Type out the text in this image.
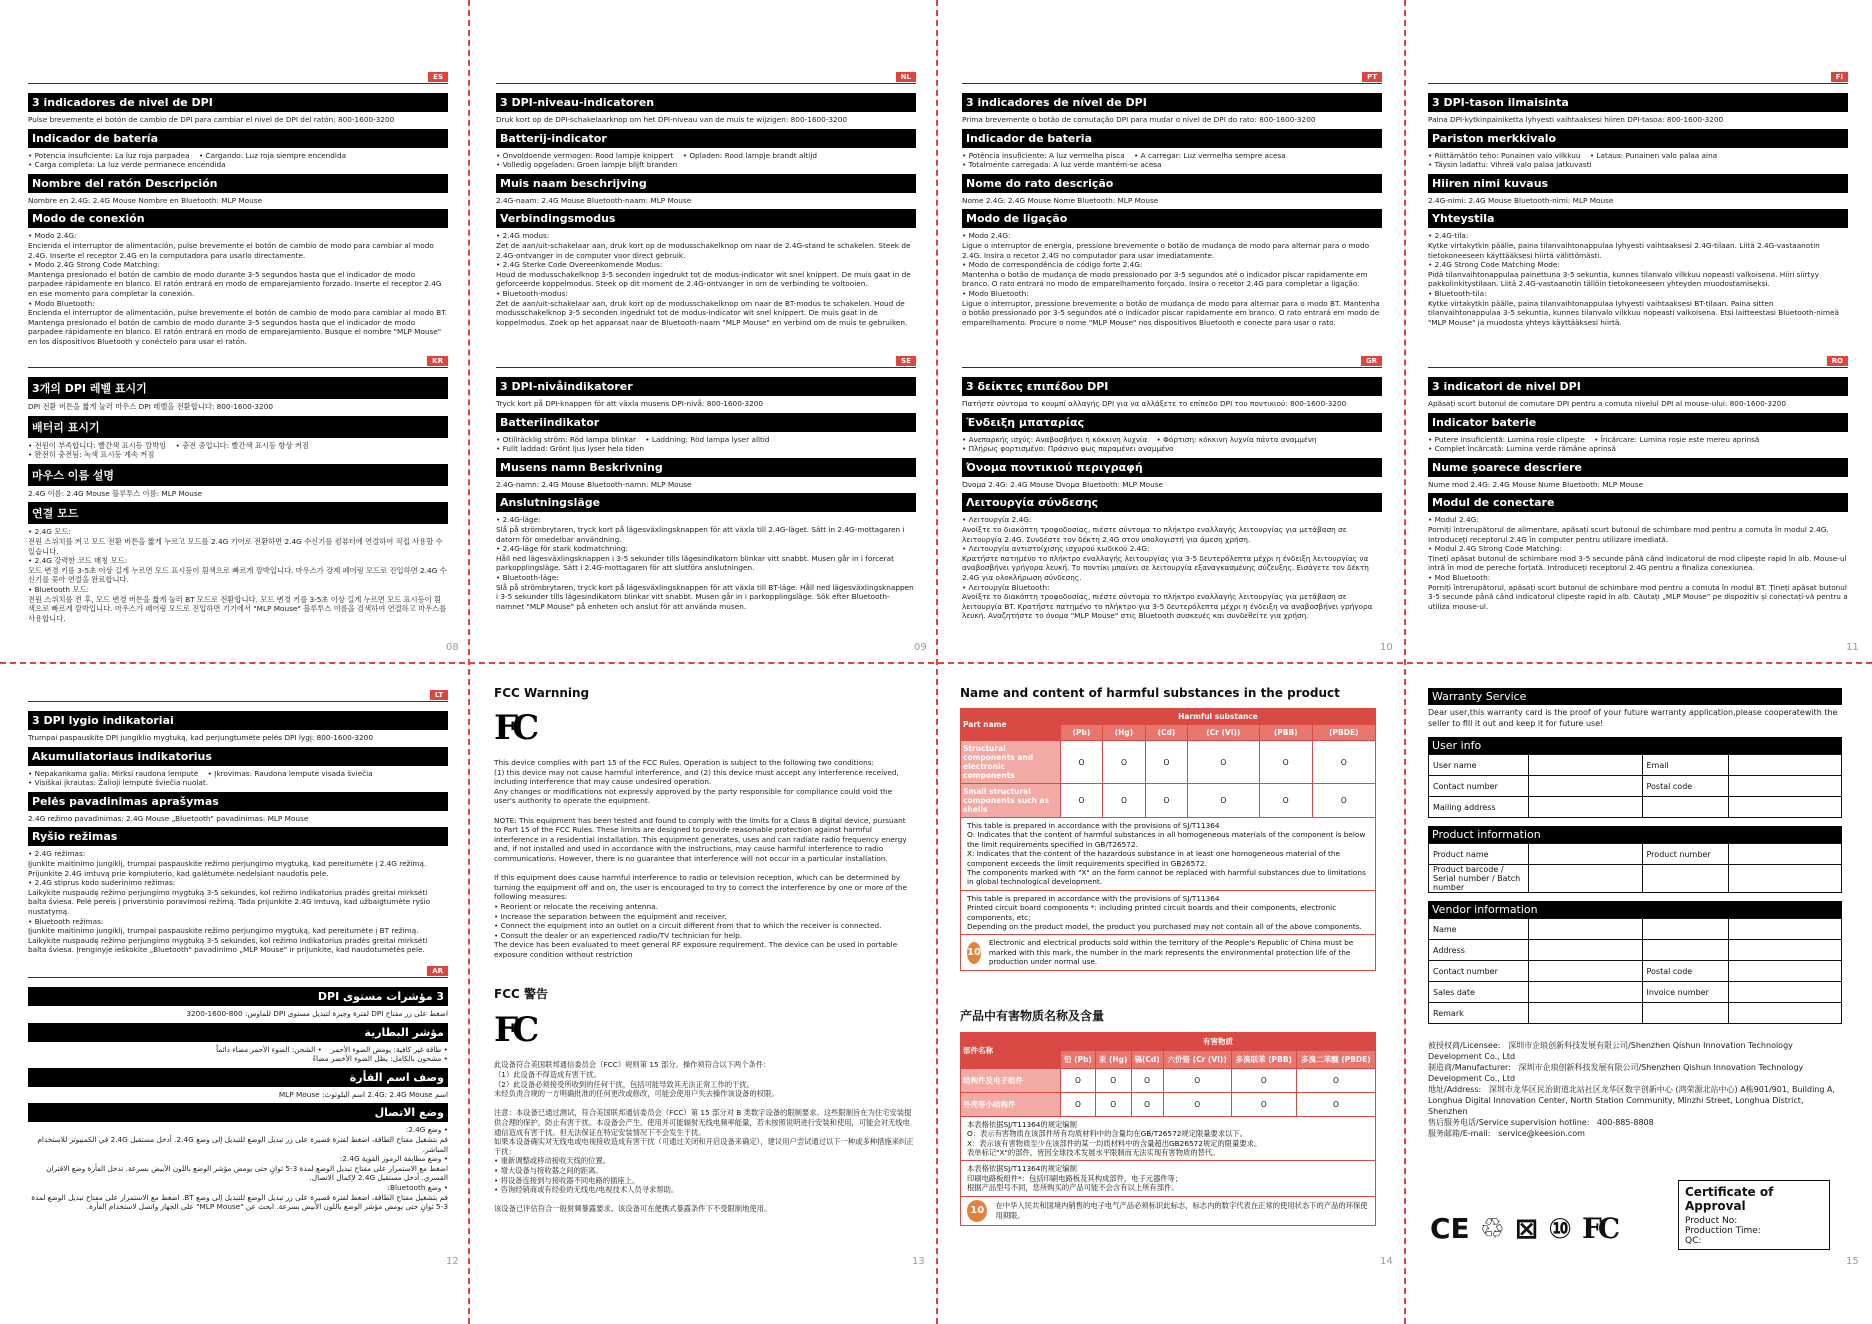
ES
3 indicadores de nivel de DPI
Pulse brevemente el botón de cambio de DPI para cambiar el nivel de DPI del ratón: 800-1600-3200
Indicador de batería
• Potencia insuficiente: La luz roja parpadea    • Cargando: Luz roja siempre encendida
• Carga completa: La luz verde permanece encendida
Nombre del ratón Descripción
Nombre en 2.4G: 2.4G Mouse Nombre en Bluetooth: MLP Mouse
Modo de conexión
• Modo 2.4G:
Encienda el interruptor de alimentación, pulse brevemente el botón de cambio de modo para cambiar al modo 2.4G. Inserte el receptor 2.4G en la computadora para usarlo directamente.
• Modo 2.4G Strong Code Matching:
Mantenga presionado el botón de cambio de modo durante 3-5 segundos hasta que el indicador de modo parpadee rápidamente en blanco. El ratón entrará en modo de emparejamiento forzado. Inserte el receptor 2.4G en ese momento para completar la conexión.
• Modo Bluetooth:
Encienda el interruptor de alimentación, pulse brevemente el botón de cambio de modo para cambiar al modo BT. Mantenga presionado el botón de cambio de modo durante 3-5 segundos hasta que el indicador de modo parpadee rápidamente en blanco. El ratón entrará en modo de emparejamiento. Busque el nombre "MLP Mouse" en los dispositivos Bluetooth y conéctelo para usar el ratón.
08
NL
3 DPI-niveau-indicatoren
Druk kort op de DPI-schakelaarknop om het DPI-niveau van de muis te wijzigen: 800-1600-3200
Batterij-indicator
• Onvoldoende vermogen: Rood lampje knippert    • Opladen: Rood lampje brandt altijd
• Volledig opgeladen: Groen lampje blijft branden
Muis naam beschrijving
2.4G-naam: 2.4G Mouse Bluetooth-naam: MLP Mouse
Verbindingsmodus
• 2.4G modus:
Zet de aan/uit-schakelaar aan, druk kort op de modusschakelknop om naar de 2.4G-stand te schakelen. Steek de 2.4G-ontvanger in de computer voor direct gebruik.
• 2.4G Sterke Code Overeenkomende Modus:
Houd de modusschakelknop 3-5 seconden ingedrukt tot de modus-indicator wit snel knippert. De muis gaat in de geforceerde koppelmodus. Steek op dit moment de 2.4G-ontvanger in om de verbinding te voltooien.
• Bluetooth-modus:
Zet de aan/uit-schakelaar aan, druk kort op de modusschakelknop om naar de BT-modus te schakelen. Houd de modusschakelknop 3-5 seconden ingedrukt tot de modus-indicator wit snel knippert. De muis gaat in de koppelmodus. Zoek op het apparaat naar de Bluetooth-naam "MLP Mouse" en verbind om de muis te gebruiken.
09
PT
3 indicadores de nível de DPI
Prima brevemente o botão de comutação DPI para mudar o nível de DPI do rato: 800-1600-3200
Indicador de bateria
• Potência insuficiente: A luz vermelha pisca    • A carregar: Luz vermelha sempre acesa
• Totalmente carregada: A luz verde mantém-se acesa
Nome do rato descrição
Nome 2.4G: 2.4G Mouse Nome Bluetooth: MLP Mouse
Modo de ligação
• Modo 2.4G:
Ligue o interruptor de energia, pressione brevemente o botão de mudança de modo para alternar para o modo 2.4G. Insira o recetor 2.4G no computador para usar imediatamente.
• Modo de correspondência de código forte 2.4G:
Mantenha o botão de mudança de modo pressionado por 3-5 segundos até o indicador piscar rapidamente em branco. O rato entrará no modo de emparelhamento forçado. Insira o recetor 2.4G para completar a ligação.
• Modo Bluetooth:
Ligue o interruptor, pressione brevemente o botão de mudança de modo para alternar para o modo BT. Mantenha o botão pressionado por 3-5 segundos até o indicador piscar rapidamente em branco. O rato entrará em modo de emparelhamento. Procure o nome "MLP Mouse" nos dispositivos Bluetooth e conecte para usar o rato.
10
FI
3 DPI-tason ilmaisinta
Paina DPI-kytkinpainiketta lyhyesti vaihtaaksesi hiiren DPI-tasoa: 800-1600-3200
Pariston merkkivalo
• Riittämätön teho: Punainen valo vilkkuu    • Lataus: Punainen valo palaa aina
• Täysin ladattu: Vihreä valo palaa jatkuvasti
Hiiren nimi kuvaus
2.4G-nimi: 2.4G Mouse Bluetooth-nimi: MLP Mouse
Yhteystila
• 2.4G-tila:
Kytke virtakytkin päälle, paina tilanvaihtonappulaa lyhyesti vaihtaaksesi 2.4G-tilaan. Liitä 2.4G-vastaanotin tietokoneeseen käyttääksesi hiirtä välittömästi.
• 2.4G Strong Code Matching Mode:
Pidä tilanvaihtonappulaa painettuna 3-5 sekuntia, kunnes tilanvalo vilkkuu nopeasti valkoisena. Hiiri siirtyy pakkolinkitystilaan. Liitä 2.4G-vastaanotin tällöin tietokoneeseen yhteyden muodostamiseksi.
• Bluetooth-tila:
Kytke virtakytkin päälle, paina tilanvaihtonappulaa lyhyesti vaihtaaksesi BT-tilaan. Paina sitten tilanvaihtonappulaa 3-5 sekuntia, kunnes tilanvalo vilkkuu nopeasti valkoisena. Etsi laitteestasi Bluetooth-nimeä "MLP Mouse" ja muodosta yhteys käyttääksesi hiirtä.
11
KR
3개의 DPI 레벨 표시기
DPI 전환 버튼을 짧게 눌러 마우스 DPI 레벨을 전환합니다: 800-1600-3200
배터리 표시기
• 전원이 부족합니다: 빨간색 표시등 깜박임    • 충전 중입니다: 빨간색 표시등 항상 켜짐
• 완전히 충전됨: 녹색 표시등 계속 켜짐
마우스 이름 설명
2.4G 이름: 2.4G Mouse 블루투스 이름: MLP Mouse
연결 모드
• 2.4G 모드:
전원 스위치를 켜고 모드 전환 버튼을 짧게 누르고 모드를 2.4G 기어로 전환하면 2.4G 수신기를 컴퓨터에 연결하여 직접 사용할 수 있습니다.
• 2.4G 강력한 코드 매칭 모드:
모드 변경 키를 3-5초 이상 길게 누르면 모드 표시등이 흰색으로 빠르게 깜박입니다. 마우스가 강제 페어링 모드로 진입하면 2.4G 수신기를 꽂아 연결을 완료합니다.
• Bluetooth 모드:
전원 스위치를 켠 후, 모드 변경 버튼을 짧게 눌러 BT 모드로 전환합니다. 모드 변경 키를 3-5초 이상 길게 누르면 모드 표시등이 흰색으로 빠르게 깜박입니다. 마우스가 페어링 모드로 진입하면 기기에서 "MLP Mouse" 블루투스 이름을 검색하여 연결하고 마우스를 사용합니다.
SE
3 DPI-nivåindikatorer
Tryck kort på DPI-knappen för att växla musens DPI-nivå: 800-1600-3200
Batteriindikator
• Otillräcklig ström: Röd lampa blinkar    • Laddning: Röd lampa lyser alltid
• Fullt laddad: Grönt ljus lyser hela tiden
Musens namn Beskrivning
2.4G-namn: 2.4G Mouse Bluetooth-namn: MLP Mouse
Anslutningsläge
• 2.4G-läge:
Slå på strömbrytaren, tryck kort på lägesväxlingsknappen för att växla till 2.4G-läget. Sätt in 2.4G-mottagaren i datorn för omedelbar användning.
• 2.4G-läge för stark kodmatchning:
Håll ned lägesväxlingsknappen i 3-5 sekunder tills lägesindikatorn blinkar vitt snabbt. Musen går in i forcerat parkopplingsläge. Sätt i 2.4G-mottagaren för att slutföra anslutningen.
• Bluetooth-läge:
Slå på strömbrytaren, tryck kort på lägesväxlingsknappen för att växla till BT-läge. Håll ned lägesväxlingsknappen i 3-5 sekunder tills lägesindikatorn blinkar vitt snabbt. Musen går in i parkopplingsläge. Sök efter Bluetooth-namnet "MLP Mouse" på enheten och anslut för att använda musen.
GR
3 δείκτες επιπέδου DPI
Πατήστε σύντομα το κουμπί αλλαγής DPI για να αλλάξετε το επίπεδο DPI του ποντικιού: 800-1600-3200
Ένδειξη μπαταρίας
• Ανεπαρκής ισχύς: Αναβοσβήνει η κόκκινη λυχνία    • Φόρτιση: κόκκινη λυχνία πάντα αναμμένη
• Πλήρως φορτισμένο: Πράσινο φως παραμένει αναμμένο
Όνομα ποντικιού περιγραφή
Όνομα 2.4G: 2.4G Mouse Όνομα Bluetooth: MLP Mouse
Λειτουργία σύνδεσης
• Λειτουργία 2.4G:
Ανοίξτε το διακόπτη τροφοδοσίας, πιέστε σύντομα το πλήκτρο εναλλαγής λειτουργίας για μετάβαση σε λειτουργία 2.4G. Συνδέστε τον δέκτη 2.4G στον υπολογιστή για άμεση χρήση.
• Λειτουργία αντιστοίχισης ισχυρού κωδικού 2.4G:
Κρατήστε πατημένο το πλήκτρο εναλλαγής λειτουργίας για 3-5 δευτερόλεπτα μέχρι η ένδειξη λειτουργίας να αναβοσβήνει γρήγορα λευκή. Το ποντίκι μπαίνει σε λειτουργία εξαναγκασμένης σύζευξης. Εισάγετε τον δέκτη 2.4G για ολοκλήρωση σύνδεσης.
• Λειτουργία Bluetooth:
Ανοίξτε το διακόπτη τροφοδοσίας, πιέστε σύντομα το πλήκτρο εναλλαγής λειτουργίας για μετάβαση σε λειτουργία BT. Κρατήστε πατημένο το πλήκτρο για 3-5 δευτερόλεπτα μέχρι η ένδειξη να αναβοσβήνει γρήγορα λευκή. Αναζητήστε το όνομα "MLP Mouse" στις Bluetooth συσκευές και συνδεθείτε για χρήση.
RO
3 indicatori de nivel DPI
Apăsați scurt butonul de comutare DPI pentru a comuta nivelul DPI al mouse-ului: 800-1600-3200
Indicator baterie
• Putere insuficientă: Lumina roșie clipește    • Încărcare: Lumina roșie este mereu aprinsă
• Complet încărcată: Lumina verde rămâne aprinsă
Nume șoarece descriere
Nume mod 2.4G: 2.4G Mouse Nume Bluetooth: MLP Mouse
Modul de conectare
• Modul 2.4G:
Porniți întrerupătorul de alimentare, apăsați scurt butonul de schimbare mod pentru a comuta în modul 2.4G. Introduceți receptorul 2.4G în computer pentru utilizare imediată.
• Modul 2.4G Strong Code Matching:
Țineți apăsat butonul de schimbare mod 3-5 secunde până când indicatorul de mod clipește rapid în alb. Mouse-ul intră în mod de pereche forțată. Introduceți receptorul 2.4G pentru a finaliza conexiunea.
• Mod Bluetooth:
Porniți întrerupătorul, apăsați scurt butonul de schimbare mod pentru a comuta în modul BT. Țineți apăsat butonul 3-5 secunde până când indicatorul clipește rapid în alb. Căutați „MLP Mouse” pe dispozitiv și conectați-vă pentru a utiliza mouse-ul.
LT
3 DPI lygio indikatoriai
Trumpai paspauskite DPI jungiklio mygtuką, kad perjungtumėte pelės DPI lygį: 800-1600-3200
Akumuliatoriaus indikatorius
• Nepakankama galia: Mirksi raudona lemputė    • Įkrovimas: Raudona lemputė visada šviečia
• Visiškai įkrautas: Žalioji lemputė šviečia nuolat.
Pelės pavadinimas aprašymas
2.4G režimo pavadinimas: 2.4G Mouse „Bluetooth" pavadinimas: MLP Mouse
Ryšio režimas
• 2.4G režimas:
Įjunkite maitinimo jungiklį, trumpai paspauskite režimo perjungimo mygtuką, kad pereitumėte į 2.4G režimą. Prijunkite 2.4G imtuvą prie kompiuterio, kad galėtumėte nedelsiant naudotis pele.
• 2.4G stiprus kodo suderinimo režimas:
Laikykite nuspaudę režimo perjungimo mygtuką 3-5 sekundes, kol režimo indikatorius pradės greitai mirksėti balta šviesa. Pelė pereis į priverstinio poravimosi režimą. Tada prijunkite 2.4G imtuvą, kad užbaigtumėte ryšio nustatymą.
• Bluetooth režimas:
Įjunkite maitinimo jungiklį, trumpai paspauskite režimo perjungimo mygtuką, kad pereitumėte į BT režimą. Laikykite nuspaudę režimo perjungimo mygtuką 3-5 sekundes, kol režimo indikatorius pradės greitai mirksėti balta šviesa. Įrenginyje ieškokite „Bluetooth" pavadinimo „MLP Mouse" ir prijunkite, kad naudotumėtės pele.
12
AR
3 مؤشرات مستوى DPI
اضغط على زر مفتاح DPI لفترة وجيزة لتبديل مستوى DPI للماوس: 800-1600-3200
مؤشر البطارية
• طاقة غير كافية: يومض الضوء الأحمر    • الشحن: الضوء الأحمر مضاء دائماً
• مشحون بالكامل: يظل الضوء الأخضر مضاءً
وصف اسم الفأرة
اسم 2.4G: 2.4G Mouse اسم البلوتوث: MLP Mouse
وضع الاتصال
• وضع 2.4G:
قم بتشغيل مفتاح الطاقة، اضغط لفترة قصيرة على زر تبديل الوضع للتبديل إلى وضع 2.4G. أدخل مستقبل 2.4G في الكمبيوتر للاستخدام المباشر.
• وضع مطابقة الرموز القوية 2.4G:
اضغط مع الاستمرار على مفتاح تبديل الوضع لمدة 3-5 ثوانٍ حتى يومض مؤشر الوضع باللون الأبيض بسرعة. تدخل الفأرة وضع الاقتران القسري. أدخل مستقبل 2.4G لإكمال الاتصال.
• وضع Bluetooth:
قم بتشغيل مفتاح الطاقة، اضغط لفترة قصيرة على زر تبديل الوضع للتبديل إلى وضع BT. اضغط مع الاستمرار على مفتاح تبديل الوضع لمدة 3-5 ثوانٍ حتى يومض مؤشر الوضع باللون الأبيض بسرعة. ابحث عن "MLP Mouse" على الجهاز واتصل لاستخدام الفأرة.
FCC Warnning
FC
This device complies with part 15 of the FCC Rules. Operation is subject to the following two conditions:
(1) this device may not cause harmful interference, and (2) this device must accept any interference received, including interference that may cause undesired operation.
Any changes or modifications not expressly approved by the party responsible for compliance could void the user's authority to operate the equipment.

NOTE: This equipment has been tested and found to comply with the limits for a Class B digital device, pursuant to Part 15 of the FCC Rules. These limits are designed to provide reasonable protection against harmful interference in a residential installation. This equipment generates, uses and can radiate radio frequency energy and, if not installed and used in accordance with the instructions, may cause harmful interference to radio communications. However, there is no guarantee that interference will not occur in a particular installation.

If this equipment does cause harmful interference to radio or television reception, which can be determined by turning the equipment off and on, the user is encouraged to try to correct the interference by one or more of the following measures:
• Reorient or relocate the receiving antenna.
• Increase the separation between the equipment and receiver.
• Connect the equipment into an outlet on a circuit different from that to which the receiver is connected.
• Consult the dealer or an experienced radio/TV technician for help.
The device has been evaluated to meet general RF exposure requirement. The device can be used in portable exposure condition without restriction
FCC 警告
FC
此设备符合美国联邦通信委员会（FCC）规则第 15 部分。操作须符合以下两个条件：
（1）此设备不得造成有害干扰。
（2）此设备必须接受所收到的任何干扰，包括可能导致其无法正常工作的干扰。
未经负责合规的一方明确批准的任何更改或修改，可能会使用户失去操作该设备的权限。

注意：本设备已通过测试，符合美国联邦通信委员会（FCC）第 15 部分对 B 类数字设备的限制要求。这些限制旨在为住宅安装提供合理的保护，防止有害干扰。本设备会产生、使用并可能辐射无线电频率能量，若未按照说明进行安装和使用，可能会对无线电通信造成有害干扰。但无法保证在特定安装情况下不会发生干扰。
如果本设备确实对无线电或电视接收造成有害干扰（可通过关闭和开启设备来确定），建议用户尝试通过以下一种或多种措施来纠正干扰：
• 重新调整或移动接收天线的位置。
• 增大设备与接收器之间的距离。
• 将设备连接到与接收器不同电路的插座上。
• 咨询经销商或有经验的无线电/电视技术人员寻求帮助。

该设备已评估符合一般射频暴露要求。该设备可在便携式暴露条件下不受限制地使用。
13
Name and content of harmful substances in the product
Part name	Harmful substance					
	(Pb)	(Hg)	(Cd)	(Cr (VI))	(PBB)	(PBDE)
Structural components and electronic components	O	O	O	O	O	O
Small structural components such as shells	O	O	O	O	O	O
This table is prepared in accordance with the provisions of SJ/T11364
O: Indicates that the content of harmful substances in all homogeneous materials of the component is below the limit requirements specified in GB/T26572.
X: Indicates that the content of the hazardous substance in at least one homogeneous material of the component exceeds the limit requirements specified in GB26572.
The components marked with "X" on the form cannot be replaced with harmful substances due to limitations in global technological development.
This table is prepared in accordance with the provisions of SJ/T11364
Printed circuit board components *: including printed circuit boards and their components, electronic components, etc;
Depending on the product model, the product you purchased may not contain all of the above components.
10
Electronic and electrical products sold within the territory of the People's Republic of China must be marked with this mark, the number in the mark represents the environmental protection life of the production under normal use.
产品中有害物质名称及含量
部件名称	有害物质					
	铅 (Pb)	汞 (Hg)	镉(Cd)	六价铬 (Cr (VI))	多溴联苯 (PBB)	多溴二苯醚 (PBDE)
结构件及电子组件	O	O	O	O	O	O
外壳等小结构件	O	O	O	O	O	O
本表格依据SJ/T11364的规定编制
O：表示有害物质在该部件所有均质材料中的含量均在GB/T26572规定限量要求以下。
X：表示该有害物质至少在该部件的某一均质材料中的含量超出GB26572规定的限量要求。
表单标记"X"的部件，皆因全球技术发展水平限制而无法实现有害物质的替代。
本表格依据SJ/T11364的规定编制
印刷电路板组件*：包括印刷电路板及其构成部件，电子元器件等；
根据产品型号不同，您所购买的产品可能不会含有以上所有部件。
10	在中华人民共和国境内销售的电子电气产品必须标识此标志，标志内的数字代表在正常的使用状态下的产品的环保使用期限。
14
Warranty Service
Dear user,this warranty card is the proof of your future warranty application,please cooperatewith the seller to fill it out and keep it for future use!
User info
User name		Email	
Contact number		Postal code	
Mailing address			
Product information
Product name		Product number	
Product barcode / Serial number / Batch number			
Vendor information
Name			
Address			
Contact number		Postal code	
Sales date		Invoice number	
Remark			
被授权商/Licensee:   深圳市企琅创新科技发展有限公司/Shenzhen Qishun Innovation Technology Development Co., Ltd
制造商/Manufacturer:   深圳市企琅创新科技发展有限公司/Shenzhen Qishun Innovation Technology Development Co., Ltd
地址/Address:   深圳市龙华区民治街道北站社区龙华区数字创新中心 (鸿荣源北站中心) A栋901/901, Building A, Longhua Digital Innovation Center, North Station Community, Minzhi Street, Longhua District, Shenzhen
售后服务电话/Service supervision hotline:   400-885-8808
服务邮箱/E-mail:   service@keesion.com
CE ♲ ⊠ ⑩ FC
Certificate of Approval
Product No:
Production Time:
QC:
15
